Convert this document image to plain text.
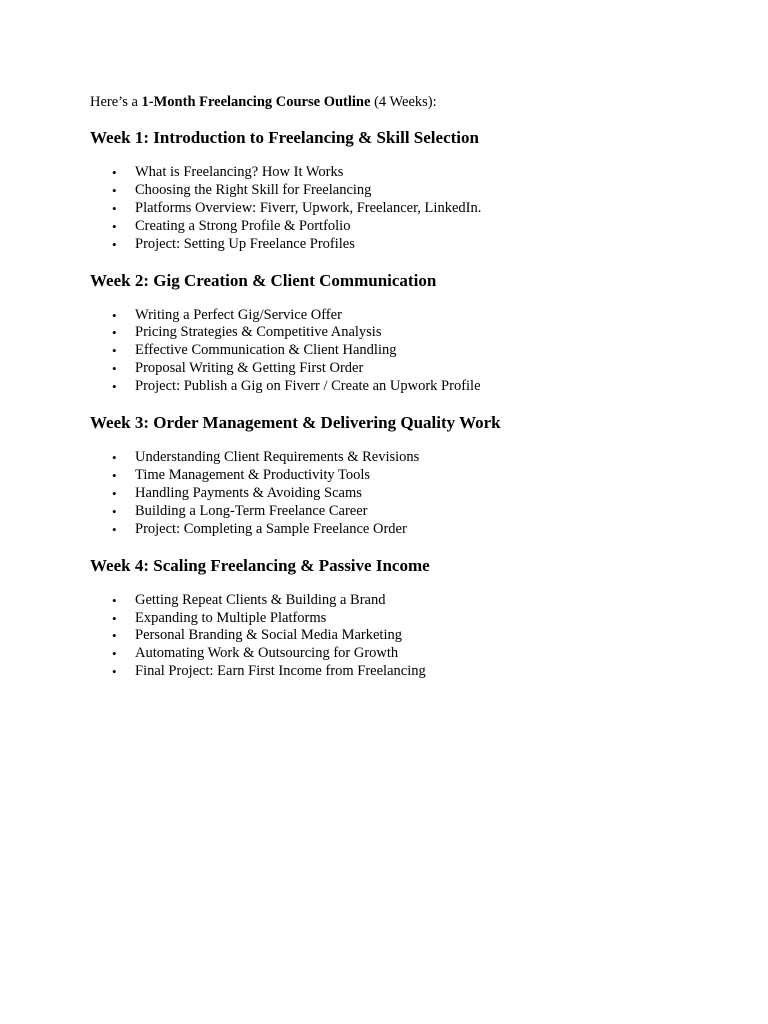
Here’s a 1-Month Freelancing Course Outline (4 Weeks):

Week 1: Introduction to Freelancing & Skill Selection
• What is Freelancing? How It Works
• Choosing the Right Skill for Freelancing
• Platforms Overview: Fiverr, Upwork, Freelancer, LinkedIn.
• Creating a Strong Profile & Portfolio
• Project: Setting Up Freelance Profiles
Week 2: Gig Creation & Client Communication
• Writing a Perfect Gig/Service Offer
• Pricing Strategies & Competitive Analysis
• Effective Communication & Client Handling
• Proposal Writing & Getting First Order
• Project: Publish a Gig on Fiverr / Create an Upwork Profile
Week 3: Order Management & Delivering Quality Work
• Understanding Client Requirements & Revisions
• Time Management & Productivity Tools
• Handling Payments & Avoiding Scams
• Building a Long-Term Freelance Career
• Project: Completing a Sample Freelance Order
Week 4: Scaling Freelancing & Passive Income
• Getting Repeat Clients & Building a Brand
• Expanding to Multiple Platforms
• Personal Branding & Social Media Marketing
• Automating Work & Outsourcing for Growth
• Final Project: Earn First Income from Freelancing
